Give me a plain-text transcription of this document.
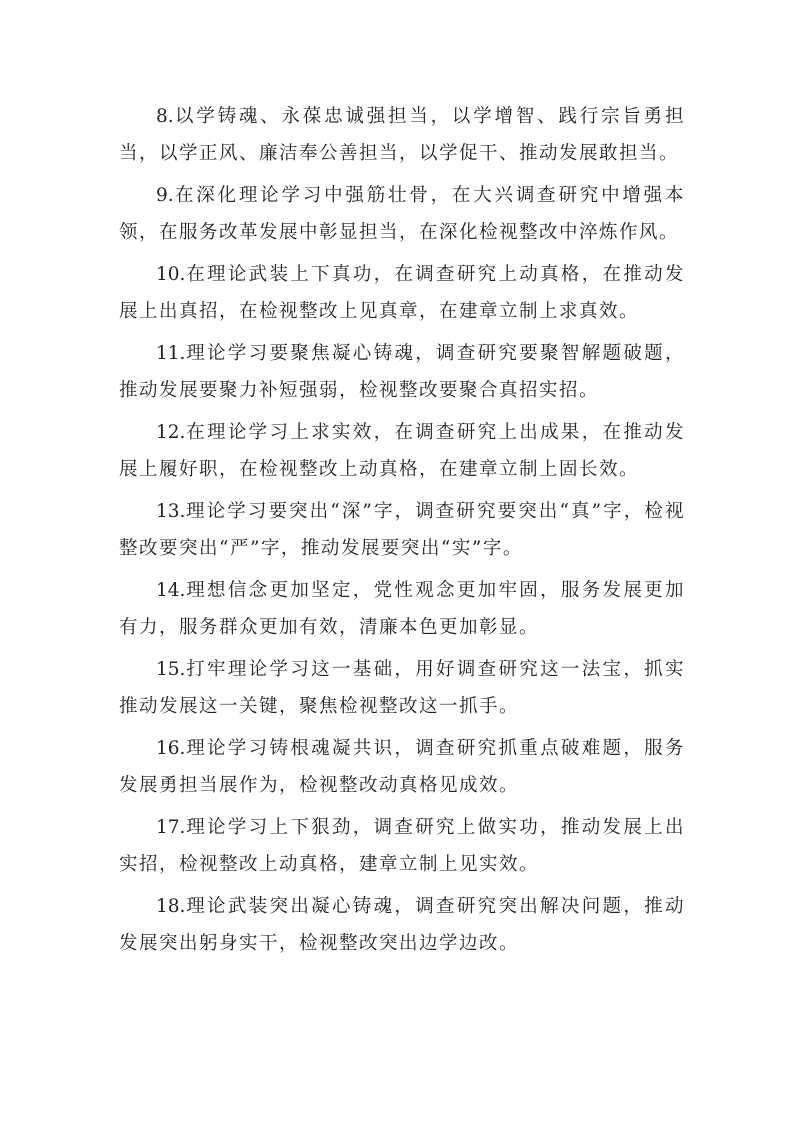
8.以学铸魂、永葆忠诚强担当，以学增智、践行宗旨勇担当，以学正风、廉洁奉公善担当，以学促干、推动发展敢担当。

9.在深化理论学习中强筋壮骨，在大兴调查研究中增强本领，在服务改革发展中彰显担当，在深化检视整改中淬炼作风。

10.在理论武装上下真功，在调查研究上动真格，在推动发展上出真招，在检视整改上见真章，在建章立制上求真效。

11.理论学习要聚焦凝心铸魂，调查研究要聚智解题破题，推动发展要聚力补短强弱，检视整改要聚合真招实招。

12.在理论学习上求实效，在调查研究上出成果，在推动发展上履好职，在检视整改上动真格，在建章立制上固长效。

13.理论学习要突出“深”字，调查研究要突出“真”字，检视整改要突出“严”字，推动发展要突出“实”字。

14.理想信念更加坚定，党性观念更加牢固，服务发展更加有力，服务群众更加有效，清廉本色更加彰显。

15.打牢理论学习这一基础，用好调查研究这一法宝，抓实推动发展这一关键，聚焦检视整改这一抓手。

16.理论学习铸根魂凝共识，调查研究抓重点破难题，服务发展勇担当展作为，检视整改动真格见成效。

17.理论学习上下狠劲，调查研究上做实功，推动发展上出实招，检视整改上动真格，建章立制上见实效。

18.理论武装突出凝心铸魂，调查研究突出解决问题，推动发展突出躬身实干，检视整改突出边学边改。
